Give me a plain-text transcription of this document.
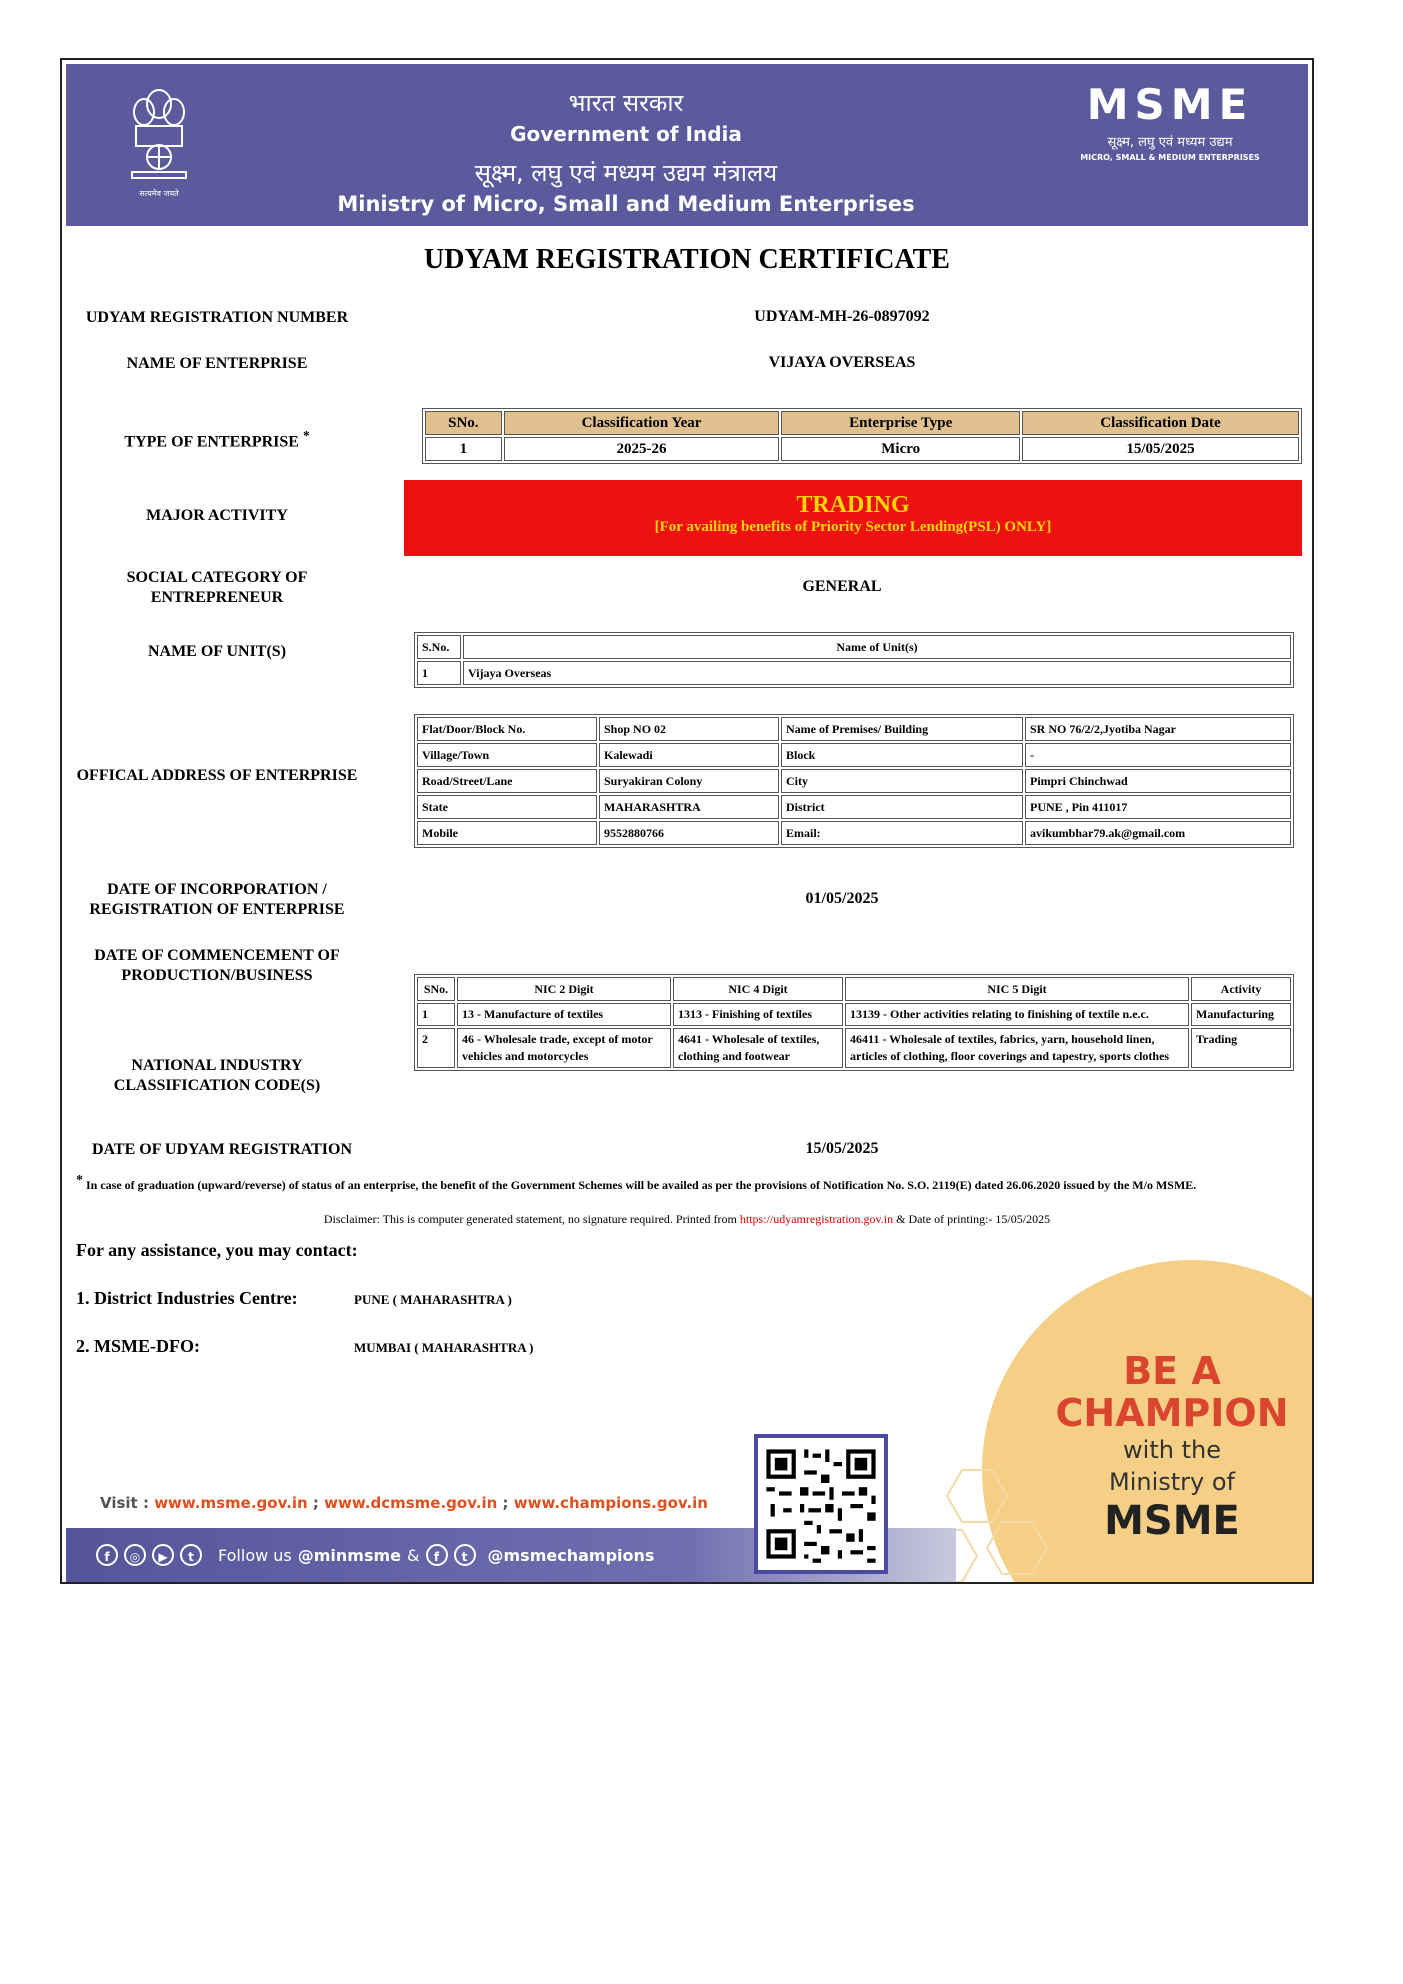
सत्यमेव जयते
भारत सरकार
Government of India
सूक्ष्म, लघु एवं मध्यम उद्यम मंत्रालय
Ministry of Micro, Small and Medium Enterprises
MSME
सूक्ष्म, लघु एवं मध्यम उद्यम
MICRO, SMALL & MEDIUM ENTERPRISES
UDYAM REGISTRATION CERTIFICATE
UDYAM REGISTRATION NUMBER	UDYAM-MH-26-0897092
NAME OF ENTERPRISE	VIJAYA OVERSEAS
TYPE OF ENTERPRISE *
SNo.	Classification Year	Enterprise Type	Classification Date
1	2025-26	Micro	15/05/2025
MAJOR ACTIVITY	TRADING
[For availing benefits of Priority Sector Lending(PSL) ONLY]
SOCIAL CATEGORY OF
ENTREPRENEUR
GENERAL
NAME OF UNIT(S)	S.No.	Name of Unit(s)
1	Vijaya Overseas
OFFICAL ADDRESS OF ENTERPRISE
Flat/Door/Block No.	Shop NO 02	Name of Premises/ Building	SR NO 76/2/2,Jyotiba Nagar
Village/Town	Kalewadi	Block	-
Road/Street/Lane	Suryakiran Colony	City	Pimpri Chinchwad
State	MAHARASHTRA	District	PUNE , Pin 411017
Mobile	9552880766	Email:	avikumbhar79.ak@gmail.com
DATE OF INCORPORATION /
REGISTRATION OF ENTERPRISE
01/05/2025
DATE OF COMMENCEMENT OF
PRODUCTION/BUSINESS
NATIONAL INDUSTRY
CLASSIFICATION CODE(S)
SNo.	NIC 2 Digit	NIC 4 Digit	NIC 5 Digit	Activity
1	13 - Manufacture of textiles	1313 - Finishing of textiles	13139 - Other activities relating to finishing of textile n.e.c.	Manufacturing
2	46 - Wholesale trade, except of motor vehicles and motorcycles	4641 - Wholesale of textiles, clothing and footwear	46411 - Wholesale of textiles, fabrics, yarn, household linen, articles of clothing, floor coverings and tapestry, sports clothes	Trading
DATE OF UDYAM REGISTRATION	15/05/2025
* In case of graduation (upward/reverse) of status of an enterprise, the benefit of the Government Schemes will be availed as per the provisions of Notification No. S.O. 2119(E) dated 26.06.2020 issued by the M/o MSME.
Disclaimer: This is computer generated statement, no signature required. Printed from https://udyamregistration.gov.in & Date of printing:- 15/05/2025
BE A
CHAMPION
with the
Ministry of
MSME
For any assistance, you may contact:
1. District Industries Centre:	PUNE ( MAHARASHTRA )
2. MSME-DFO:	MUMBAI ( MAHARASHTRA )
Visit : www.msme.gov.in ; www.dcmsme.gov.in ; www.champions.gov.in
f	◎	▶	t	Follow us @minmsme &	f	t	@msmechampions
